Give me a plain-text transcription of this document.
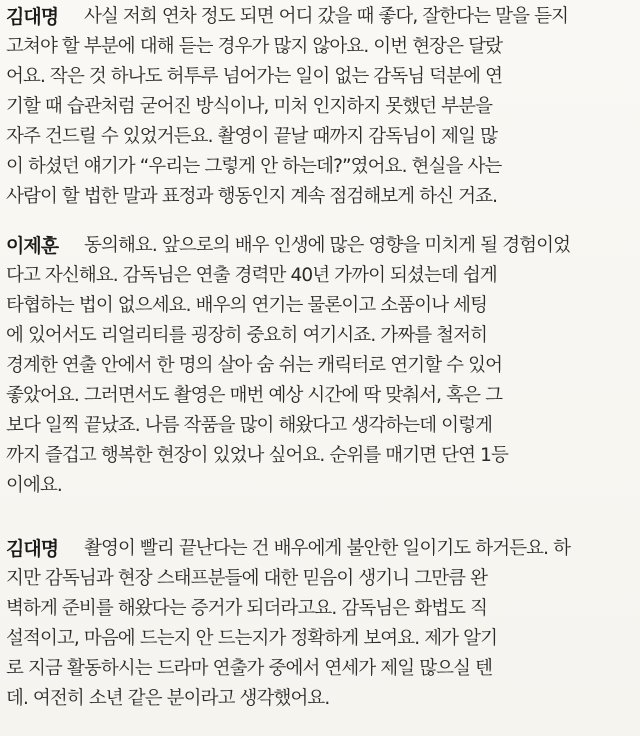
김대명 사실 저희 연차 정도 되면 어디 갔을 때 좋다, 잘한다는 말을 듣지
고쳐야 할 부분에 대해 듣는 경우가 많지 않아요. 이번 현장은 달랐
어요. 작은 것 하나도 허투루 넘어가는 일이 없는 감독님 덕분에 연
기할 때 습관처럼 굳어진 방식이나, 미처 인지하지 못했던 부분을
자주 건드릴 수 있었거든요. 촬영이 끝날 때까지 감독님이 제일 많
이 하셨던 얘기가 “우리는 그렇게 안 하는데?”였어요. 현실을 사는
사람이 할 법한 말과 표정과 행동인지 계속 점검해보게 하신 거죠.
이제훈 동의해요. 앞으로의 배우 인생에 많은 영향을 미치게 될 경험이었
다고 자신해요. 감독님은 연출 경력만 40년 가까이 되셨는데 쉽게
타협하는 법이 없으세요. 배우의 연기는 물론이고 소품이나 세팅
에 있어서도 리얼리티를 굉장히 중요히 여기시죠. 가짜를 철저히
경계한 연출 안에서 한 명의 살아 숨 쉬는 캐릭터로 연기할 수 있어
좋았어요. 그러면서도 촬영은 매번 예상 시간에 딱 맞춰서, 혹은 그
보다 일찍 끝났죠. 나름 작품을 많이 해왔다고 생각하는데 이렇게
까지 즐겁고 행복한 현장이 있었나 싶어요. 순위를 매기면 단연 1등
이에요.
김대명 촬영이 빨리 끝난다는 건 배우에게 불안한 일이기도 하거든요. 하
지만 감독님과 현장 스태프분들에 대한 믿음이 생기니 그만큼 완
벽하게 준비를 해왔다는 증거가 되더라고요. 감독님은 화법도 직
설적이고, 마음에 드는지 안 드는지가 정확하게 보여요. 제가 알기
로 지금 활동하시는 드라마 연출가 중에서 연세가 제일 많으실 텐
데. 여전히 소년 같은 분이라고 생각했어요.
